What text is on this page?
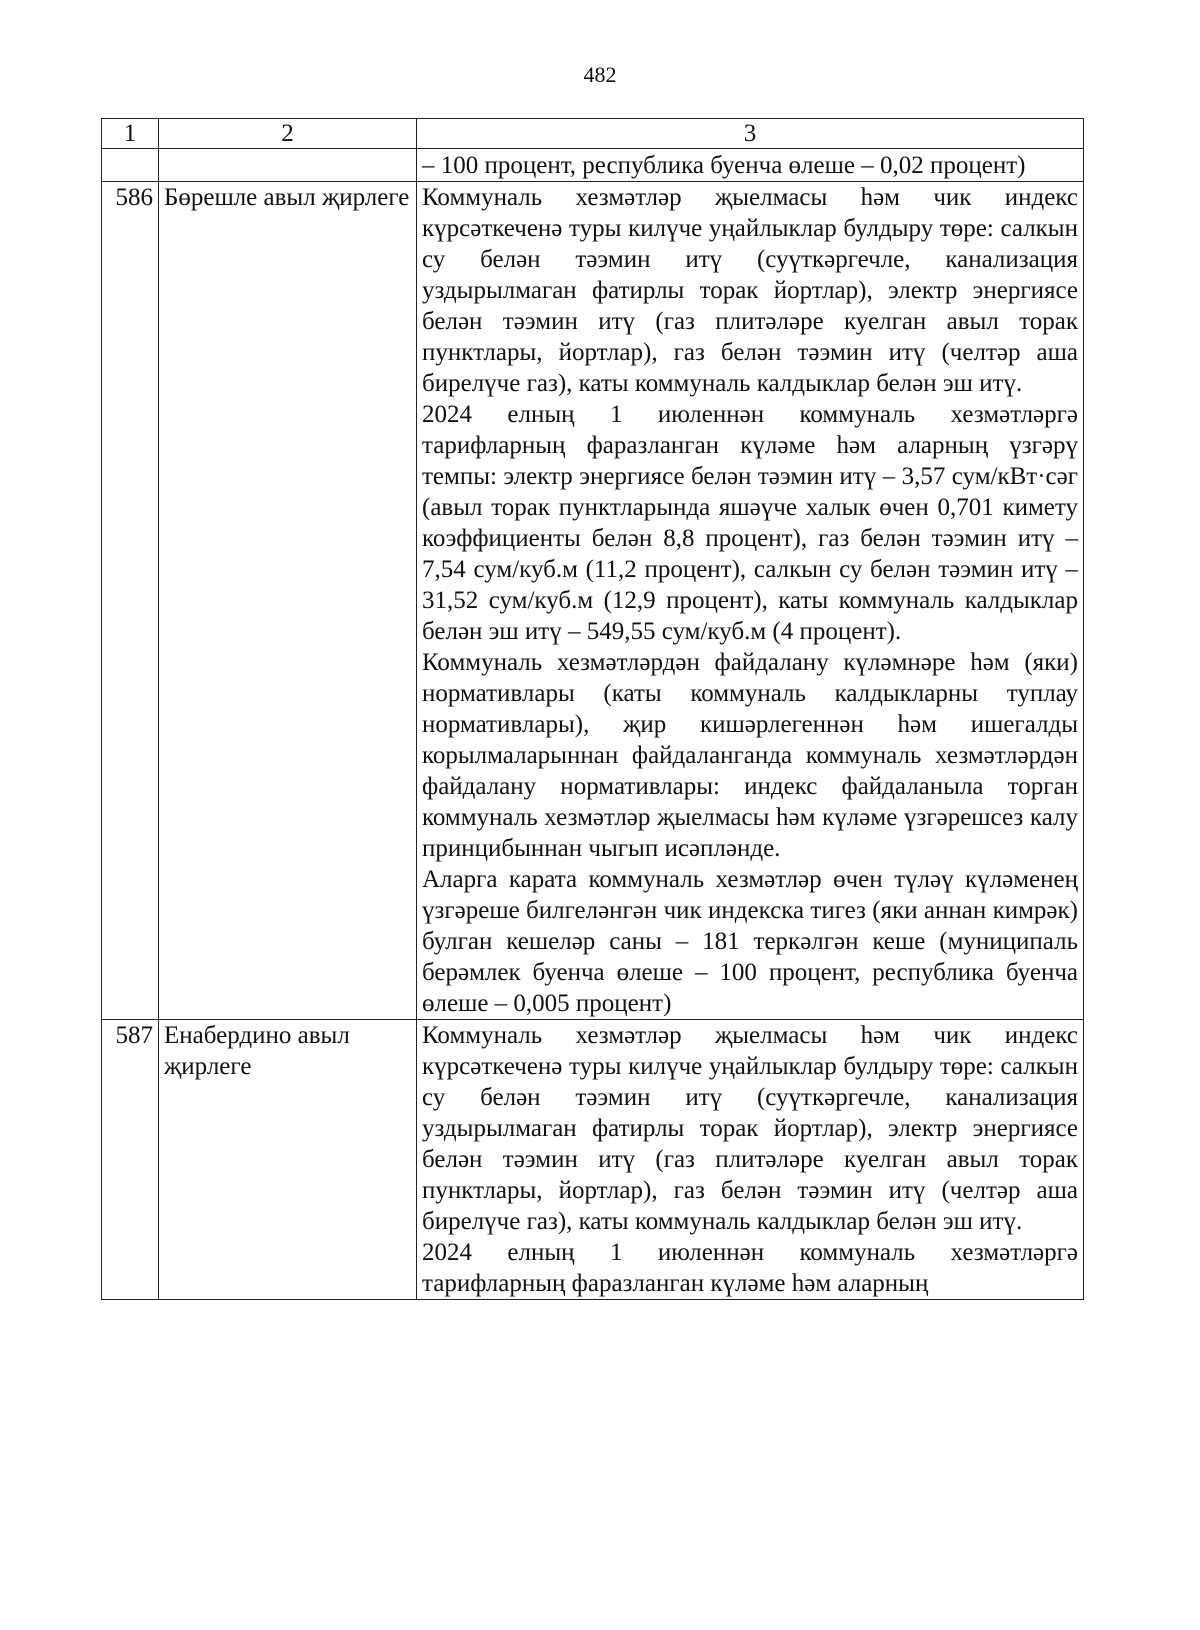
482
1	2	3

		– 100 процент, республика буенча өлеше – 0,02 процент)

586	Бөрешле авыл җирлеге	Коммуналь хезмәтләр җыелмасы һәм чик индекс күрсәткеченә туры килүче уңайлыклар булдыру төре: салкын су белән тәэмин итү (суүткәргечле, канализация уздырылмаган фатирлы торак йортлар), электр энергиясе белән тәэмин итү (газ плитәләре куелган авыл торак пунктлары, йортлар), газ белән тәэмин итү (челтәр аша бирелүче газ), каты коммуналь калдыклар белән эш итү.

2024 елның 1 июленнән коммуналь хезмәтләргә тарифларның фаразланган күләме һәм аларның үзгәрү темпы: электр энергиясе белән тәэмин итү – 3,57 сум/кВт·сәг (авыл торак пунктларында яшәүче халык өчен 0,701 кимету коэффициенты белән 8,8 процент), газ белән тәэмин итү – 7,54 сум/куб.м (11,2 процент), салкын су белән тәэмин итү – 31,52 сум/куб.м (12,9 процент), каты коммуналь калдыклар белән эш итү – 549,55 сум/куб.м (4 процент).

Коммуналь хезмәтләрдән файдалану күләмнәре һәм (яки) нормативлары (каты коммуналь калдыкларны туплау нормативлары), җир кишәрлегеннән һәм ишегалды корылмаларыннан файдаланганда коммуналь хезмәтләрдән файдалану нормативлары: индекс файдаланыла торган коммуналь хезмәтләр җыелмасы һәм күләме үзгәрешсез калу принцибыннан чыгып исәпләнде.

Аларга карата коммуналь хезмәтләр өчен түләү күләменең үзгәреше билгеләнгән чик индекска тигез (яки аннан кимрәк) булган кешеләр саны – 181 теркәлгән кеше (муниципаль берәмлек буенча өлеше – 100 процент, республика буенча өлеше – 0,005 процент)

587	Енабердино авыл җирлеге	Коммуналь хезмәтләр җыелмасы һәм чик индекс күрсәткеченә туры килүче уңайлыклар булдыру төре: салкын су белән тәэмин итү (суүткәргечле, канализация уздырылмаган фатирлы торак йортлар), электр энергиясе белән тәэмин итү (газ плитәләре куелган авыл торак пунктлары, йортлар), газ белән тәэмин итү (челтәр аша бирелүче газ), каты коммуналь калдыклар белән эш итү.

2024 елның 1 июленнән коммуналь хезмәтләргә тарифларның фаразланган күләме һәм аларның
